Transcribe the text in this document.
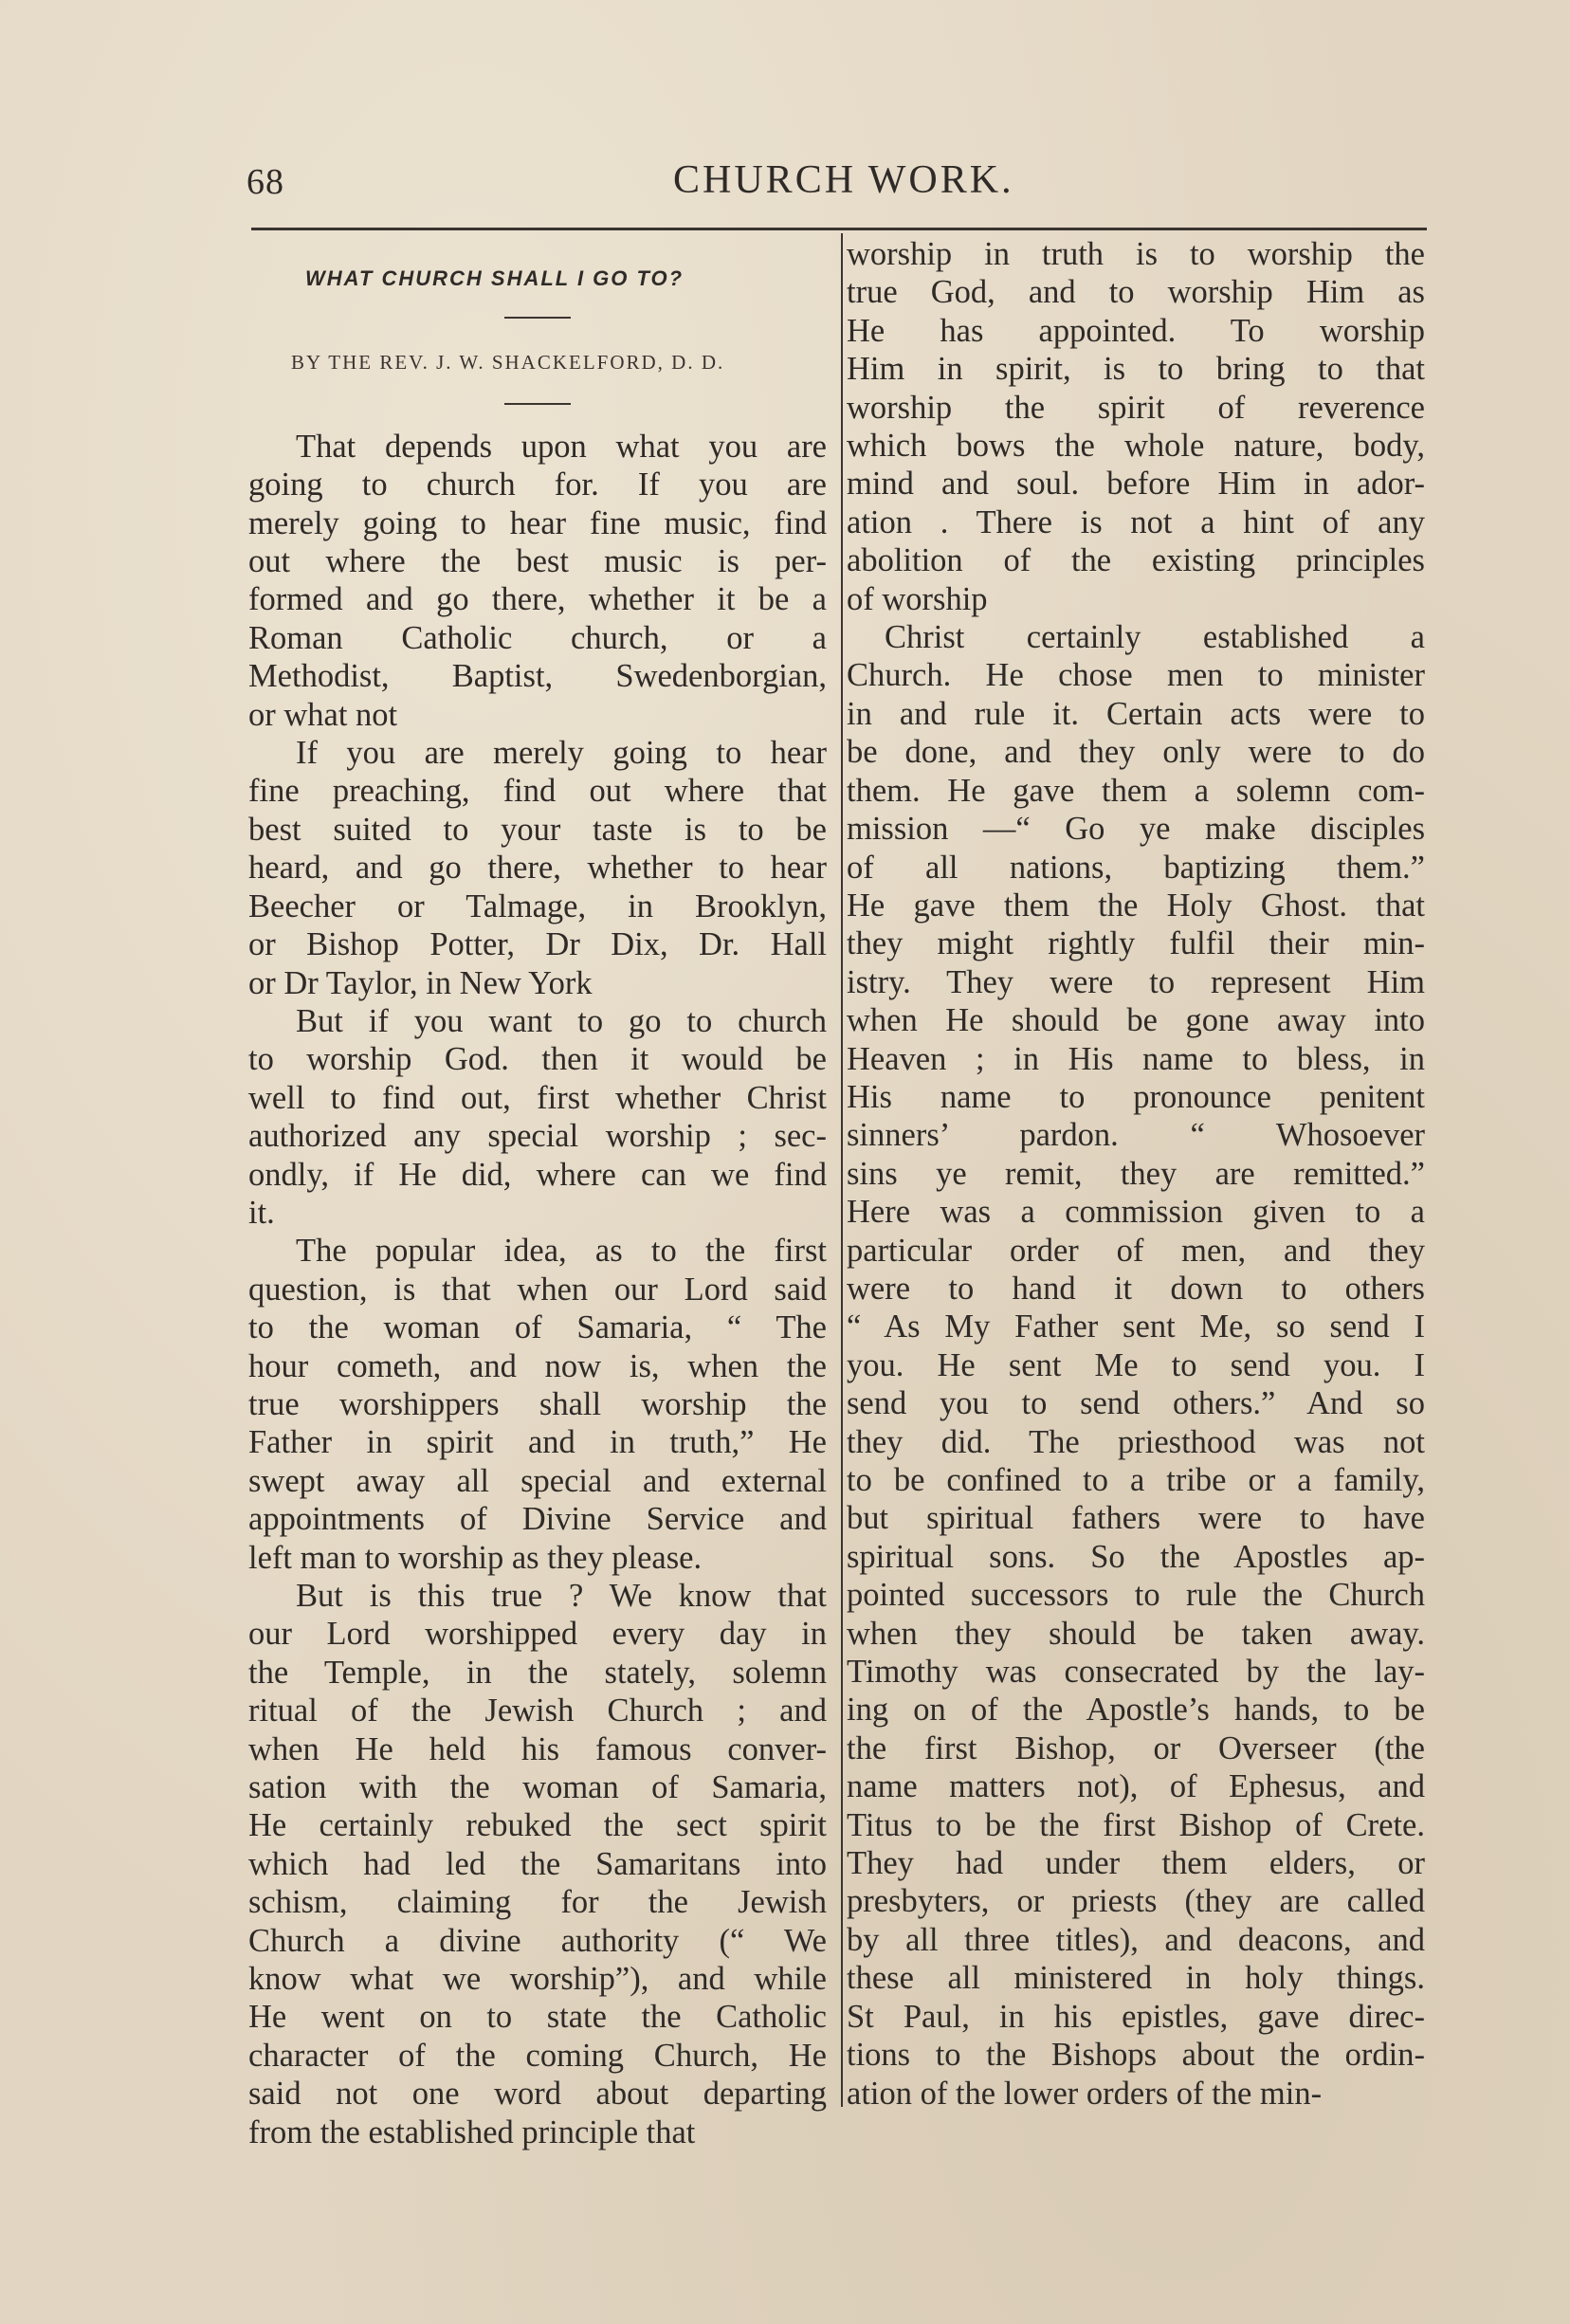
68	CHURCH WORK.
WHAT CHURCH SHALL I GO TO?
BY THE REV. J. W. SHACKELFORD, D. D.

That depends upon what you are
going to church for. If you are
merely going to hear fine music, find
out where the best music is per-
formed and go there, whether it be a
Roman Catholic church, or a
Methodist, Baptist, Swedenborgian,
or what not

If you are merely going to hear
fine preaching, find out where that
best suited to your taste is to be
heard, and go there, whether to hear
Beecher or Talmage, in Brooklyn,
or Bishop Potter, Dr Dix, Dr. Hall
or Dr Taylor, in New York

But if you want to go to church
to worship God. then it would be
well to find out, first whether Christ
authorized any special worship ; sec-
ondly, if He did, where can we find
it.

The popular idea, as to the first
question, is that when our Lord said
to the woman of Samaria, “ The
hour cometh, and now is, when the
true worshippers shall worship the
Father in spirit and in truth,” He
swept away all special and external
appointments of Divine Service and
left man to worship as they please.

But is this true ? We know that
our Lord worshipped every day in
the Temple, in the stately, solemn
ritual of the Jewish Church ; and
when He held his famous conver-
sation with the woman of Samaria,
He certainly rebuked the sect spirit
which had led the Samaritans into
schism, claiming for the Jewish
Church a divine authority (“ We
know what we worship”), and while
He went on to state the Catholic
character of the coming Church, He
said not one word about departing
from the established principle that

worship in truth is to worship the
true God, and to worship Him as
He has appointed. To worship
Him in spirit, is to bring to that
worship the spirit of reverence
which bows the whole nature, body,
mind and soul. before Him in ador-
ation . There is not a hint of any
abolition of the existing principles
of worship

Christ certainly established a
Church. He chose men to minister
in and rule it. Certain acts were to
be done, and they only were to do
them. He gave them a solemn com-
mission —“ Go ye make disciples
of all nations, baptizing them.”
He gave them the Holy Ghost. that
they might rightly fulfil their min-
istry. They were to represent Him
when He should be gone away into
Heaven ; in His name to bless, in
His name to pronounce penitent
sinners’ pardon. “ Whosoever
sins ye remit, they are remitted.”
Here was a commission given to a
particular order of men, and they
were to hand it down to others
“ As My Father sent Me, so send I
you. He sent Me to send you. I
send you to send others.” And so
they did. The priesthood was not
to be confined to a tribe or a family,
but spiritual fathers were to have
spiritual sons. So the Apostles ap-
pointed successors to rule the Church
when they should be taken away.
Timothy was consecrated by the lay-
ing on of the Apostle’s hands, to be
the first Bishop, or Overseer (the
name matters not), of Ephesus, and
Titus to be the first Bishop of Crete.
They had under them elders, or
presbyters, or priests (they are called
by all three titles), and deacons, and
these all ministered in holy things.
St Paul, in his epistles, gave direc-
tions to the Bishops about the ordin-
ation of the lower orders of the min-
